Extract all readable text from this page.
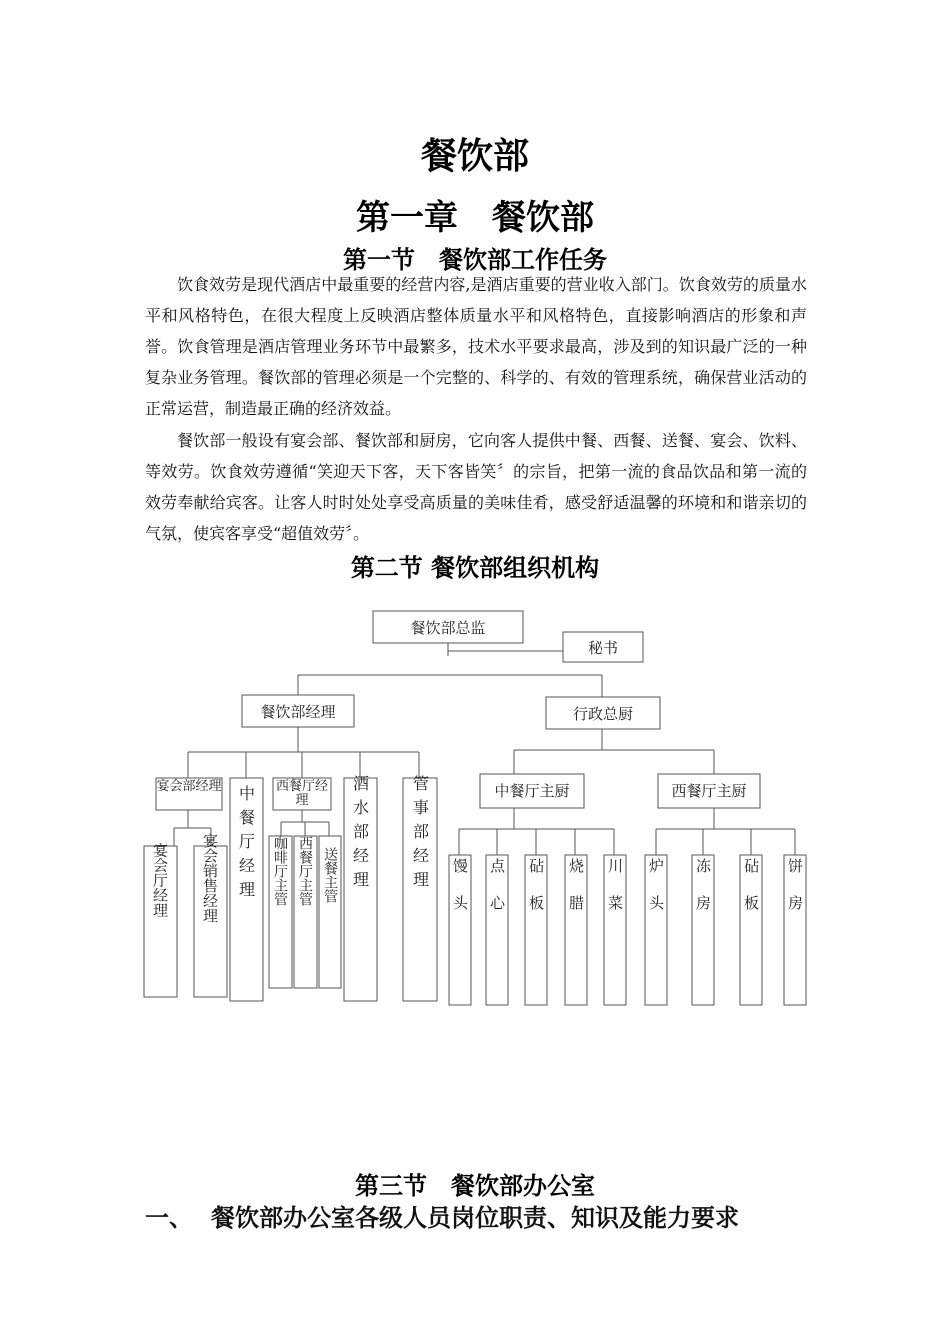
餐饮部
第一章　餐饮部
第一节　餐饮部工作任务

饮食效劳是现代酒店中最重要的经营内容,是酒店重要的营业收入部门。饮食效劳的质量水平和风格特色，在很大程度上反映酒店整体质量水平和风格特色，直接影响酒店的形象和声誉。饮食管理是酒店管理业务环节中最繁多，技术水平要求最高，涉及到的知识最广泛的一种复杂业务管理。餐饮部的管理必须是一个完整的、科学的、有效的管理系统，确保营业活动的正常运营，制造最正确的经济效益。

餐饮部一般设有宴会部、餐饮部和厨房，它向客人提供中餐、西餐、送餐、宴会、饮料、等效劳。饮食效劳遵循“笑迎天下客，天下客皆笑〞的宗旨，把第一流的食品饮品和第一流的效劳奉献给宾客。让客人时时处处享受高质量的美味佳肴，感受舒适温馨的环境和和谐亲切的气氛，使宾客享受“超值效劳〞。

第二节 餐饮部组织机构
餐饮部总监
秘书
餐饮部经理	行政总厨
宴会部经理	西餐厅经理
中餐厅经理	酒水部经理	管事部经理
宴会厅经理 宴会销售经理	咖啡厅主管 西餐厅主管 送餐主管
中餐厅主厨	西餐厅主厨
馒头 点心 砧板 烧腊 川菜 炉头 冻房 砧板 饼房
第三节　餐饮部办公室
一、 餐饮部办公室各级人员岗位职责、知识及能力要求
